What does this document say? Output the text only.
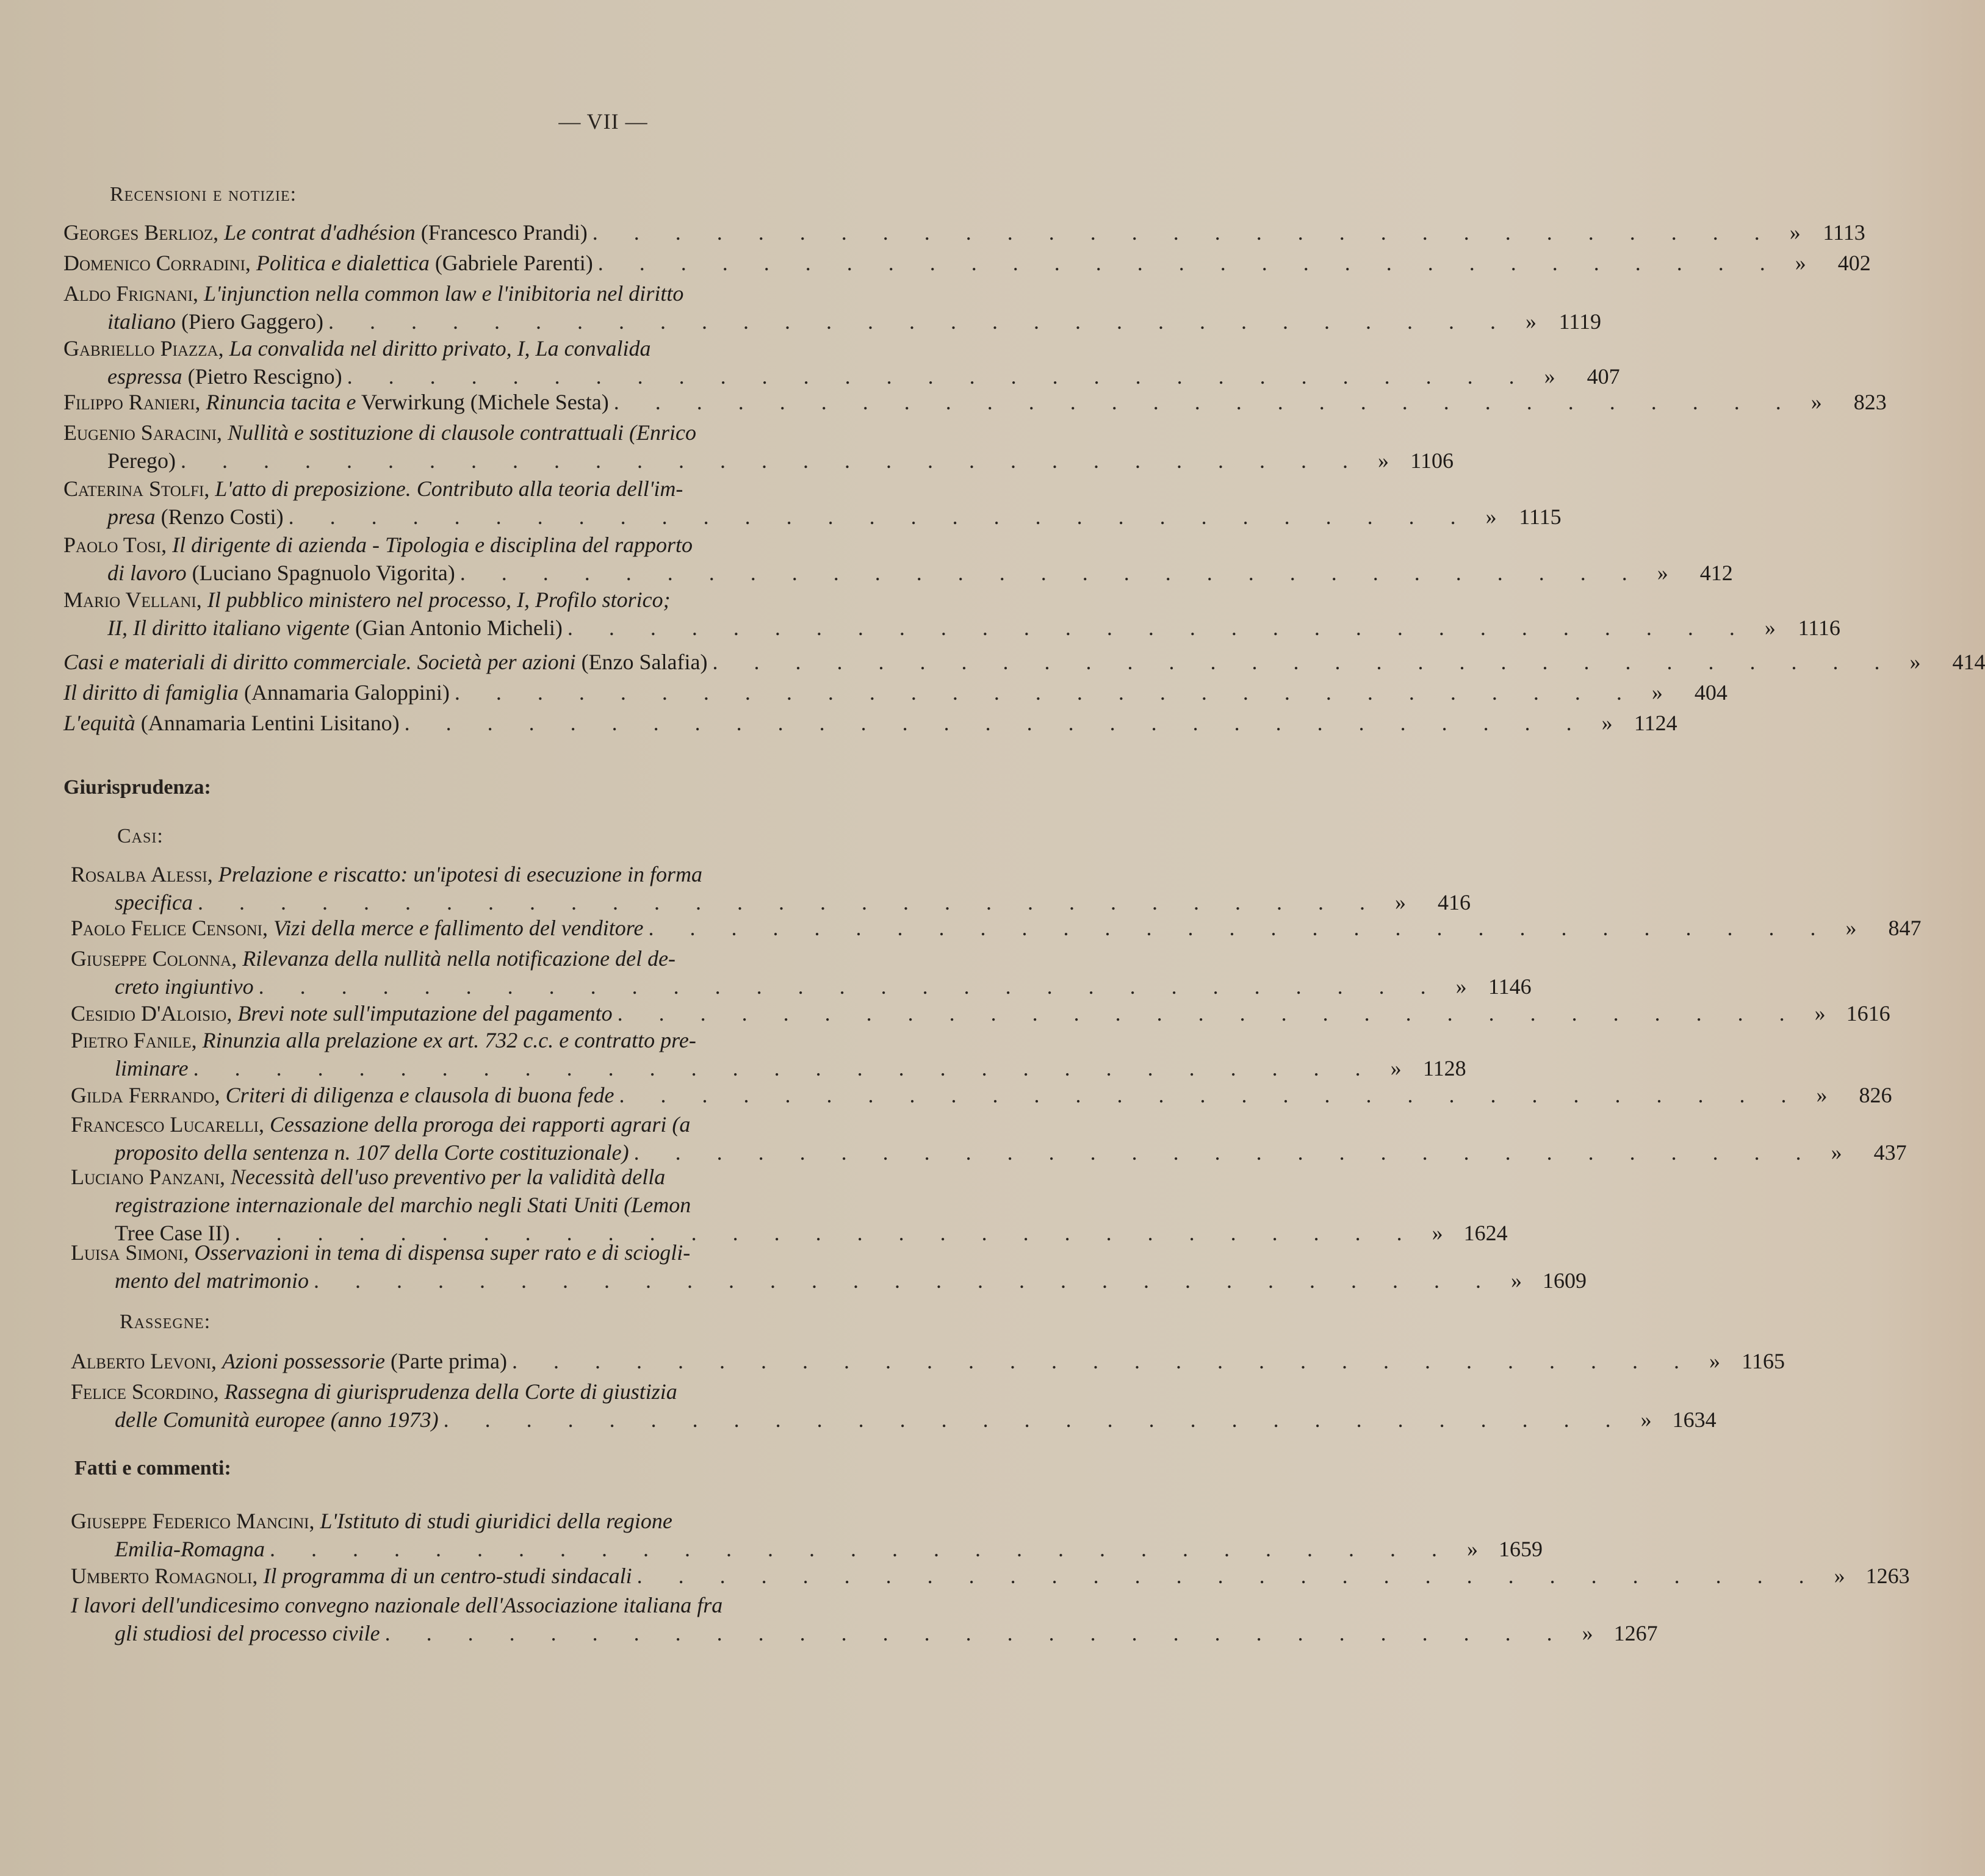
— VII —
Recensioni e notizie:
Georges Berlioz, Le contrat d'adhésion (Francesco Prandi) . . . . . . . . . . . . . . . . . . . . . . . . . . . . . »	1113
Domenico Corradini, Politica e dialettica (Gabriele Parenti) . . . . . . . . . . . . . . . . . . . . . . . . . . . . . »	402
Aldo Frignani, L'injunction nella common law e l'inibitoria nel diritto
italiano (Piero Gaggero) . . . . . . . . . . . . . . . . . . . . . . . . . . . . . »	1119
Gabriello Piazza, La convalida nel diritto privato, I, La convalida
espressa (Pietro Rescigno) . . . . . . . . . . . . . . . . . . . . . . . . . . . . . »	407
Filippo Ranieri, Rinuncia tacita e Verwirkung (Michele Sesta) . . . . . . . . . . . . . . . . . . . . . . . . . . . . . »	823
Eugenio Saracini, Nullità e sostituzione di clausole contrattuali (Enrico
Perego) . . . . . . . . . . . . . . . . . . . . . . . . . . . . . » 1106
Caterina Stolfi, L'atto di preposizione. Contributo alla teoria dell'im-
presa (Renzo Costi) . . . . . . . . . . . . . . . . . . . . . . . . . . . . . »	1115
Paolo Tosi, Il dirigente di azienda - Tipologia e disciplina del rapporto
di lavoro (Luciano Spagnuolo Vigorita) . . . . . . . . . . . . . . . . . . . . . . . . . . . . . »	412
Mario Vellani, Il pubblico ministero nel processo, I, Profilo storico;
II, Il diritto italiano vigente (Gian Antonio Micheli) . . . . . . . . . . . . . . . . . . . . . . . . . . . . . »	1116
Casi e materiali di diritto commerciale. Società per azioni (Enzo Salafia) . . . . . . . . . . . . . . . . . . . . . . . . . . . . . »	414
Il diritto di famiglia (Annamaria Galoppini) . . . . . . . . . . . . . . . . . . . . . . . . . . . . . »	404
L'equità (Annamaria Lentini Lisitano) . . . . . . . . . . . . . . . . . . . . . . . . . . . . . » 1124
Giurisprudenza:
Casi:
Rosalba Alessi, Prelazione e riscatto: un'ipotesi di esecuzione in forma
specifica . . . . . . . . . . . . . . . . . . . . . . . . . . . . . »	416
Paolo Felice Censoni, Vizi della merce e fallimento del venditore . . . . . . . . . . . . . . . . . . . . . . . . . . . . . »	847
Giuseppe Colonna, Rilevanza della nullità nella notificazione del de-
creto ingiuntivo . . . . . . . . . . . . . . . . . . . . . . . . . . . . . » 1146
Cesidio D'Aloisio, Brevi note sull'imputazione del pagamento . . . . . . . . . . . . . . . . . . . . . . . . . . . . . » 1616
Pietro Fanile, Rinunzia alla prelazione ex art. 732 c.c. e contratto pre-
liminare . . . . . . . . . . . . . . . . . . . . . . . . . . . . . » 1128
Gilda Ferrando, Criteri di diligenza e clausola di buona fede . . . . . . . . . . . . . . . . . . . . . . . . . . . . . »	826
Francesco Lucarelli, Cessazione della proroga dei rapporti agrari (a
proposito della sentenza n. 107 della Corte costituzionale) . . . . . . . . . . . . . . . . . . . . . . . . . . . . . »	437
Luciano Panzani, Necessità dell'uso preventivo per la validità della
registrazione internazionale del marchio negli Stati Uniti (Lemon
Tree Case II) . . . . . . . . . . . . . . . . . . . . . . . . . . . . . » 1624
Luisa Simoni, Osservazioni in tema di dispensa super rato e di sciogli-
mento del matrimonio . . . . . . . . . . . . . . . . . . . . . . . . . . . . . » 1609
Rassegne:
Alberto Levoni, Azioni possessorie (Parte prima) . . . . . . . . . . . . . . . . . . . . . . . . . . . . . » 1165
Felice Scordino, Rassegna di giurisprudenza della Corte di giustizia
delle Comunità europee (anno 1973) . . . . . . . . . . . . . . . . . . . . . . . . . . . . . » 1634
Fatti e commenti:
Giuseppe Federico Mancini, L'Istituto di studi giuridici della regione
Emilia-Romagna . . . . . . . . . . . . . . . . . . . . . . . . . . . . . » 1659
Umberto Romagnoli, Il programma di un centro-studi sindacali . . . . . . . . . . . . . . . . . . . . . . . . . . . . . » 1263
I lavori dell'undicesimo convegno nazionale dell'Associazione italiana fra
gli studiosi del processo civile . . . . . . . . . . . . . . . . . . . . . . . . . . . . . » 1267
